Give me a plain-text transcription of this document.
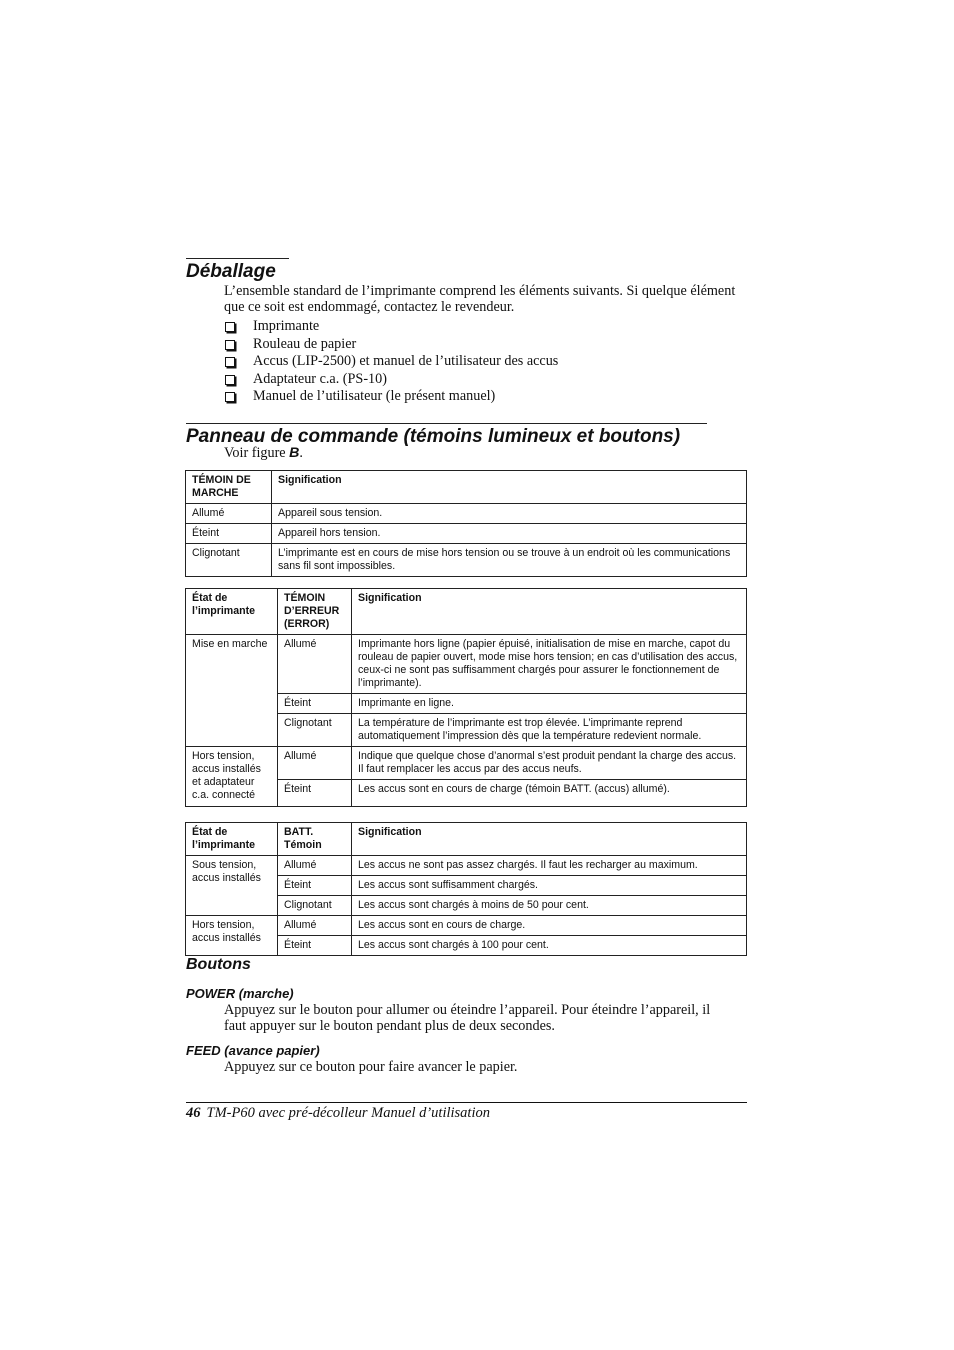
Déballage

L’ensemble standard de l’imprimante comprend les éléments suivants. Si quelque élément que ce soit est endommagé, contactez le revendeur.

Imprimante
Rouleau de papier
Accus (LIP-2500) et manuel de l’utilisateur des accus
Adaptateur c.a. (PS-10)
Manuel de l’utilisateur (le présent manuel)
Panneau de commande (témoins lumineux et boutons)

Voir figure B.

TÉMOIN DE MARCHE	Signification
Allumé	Appareil sous tension.
Éteint	Appareil hors tension.
Clignotant	L’imprimante est en cours de mise hors tension ou se trouve à un endroit où les communications sans fil sont impossibles.
État de l’imprimante	TÉMOIN D’ERREUR (ERROR)	Signification
Mise en marche	Allumé	Imprimante hors ligne (papier épuisé, initialisation de mise en marche, capot du rouleau de papier ouvert, mode mise hors tension; en cas d’utilisation des accus, ceux-ci ne sont pas suffisamment chargés pour assurer le fonctionnement de l’imprimante).
	Éteint	Imprimante en ligne.
	Clignotant	La température de l’imprimante est trop élevée. L’imprimante reprend automatiquement l’impression dès que la température redevient normale.
Hors tension, accus installés et adaptateur c.a. connecté	Allumé	Indique que quelque chose d’anormal s’est produit pendant la charge des accus. Il faut remplacer les accus par des accus neufs.
	Éteint	Les accus sont en cours de charge (témoin BATT. (accus) allumé).
État de l’imprimante	BATT. Témoin	Signification
Sous tension, accus installés	Allumé	Les accus ne sont pas assez chargés. Il faut les recharger au maximum.
	Éteint	Les accus sont suffisamment chargés.
	Clignotant	Les accus sont chargés à moins de 50 pour cent.
Hors tension, accus installés	Allumé	Les accus sont en cours de charge.
	Éteint	Les accus sont chargés à 100 pour cent.
Boutons
POWER (marche)

Appuyez sur le bouton pour allumer ou éteindre l’appareil. Pour éteindre l’appareil, il faut appuyer sur le bouton pendant plus de deux secondes.

FEED (avance papier)

Appuyez sur ce bouton pour faire avancer le papier.

46 TM-P60 avec pré-décolleur Manuel d’utilisation
